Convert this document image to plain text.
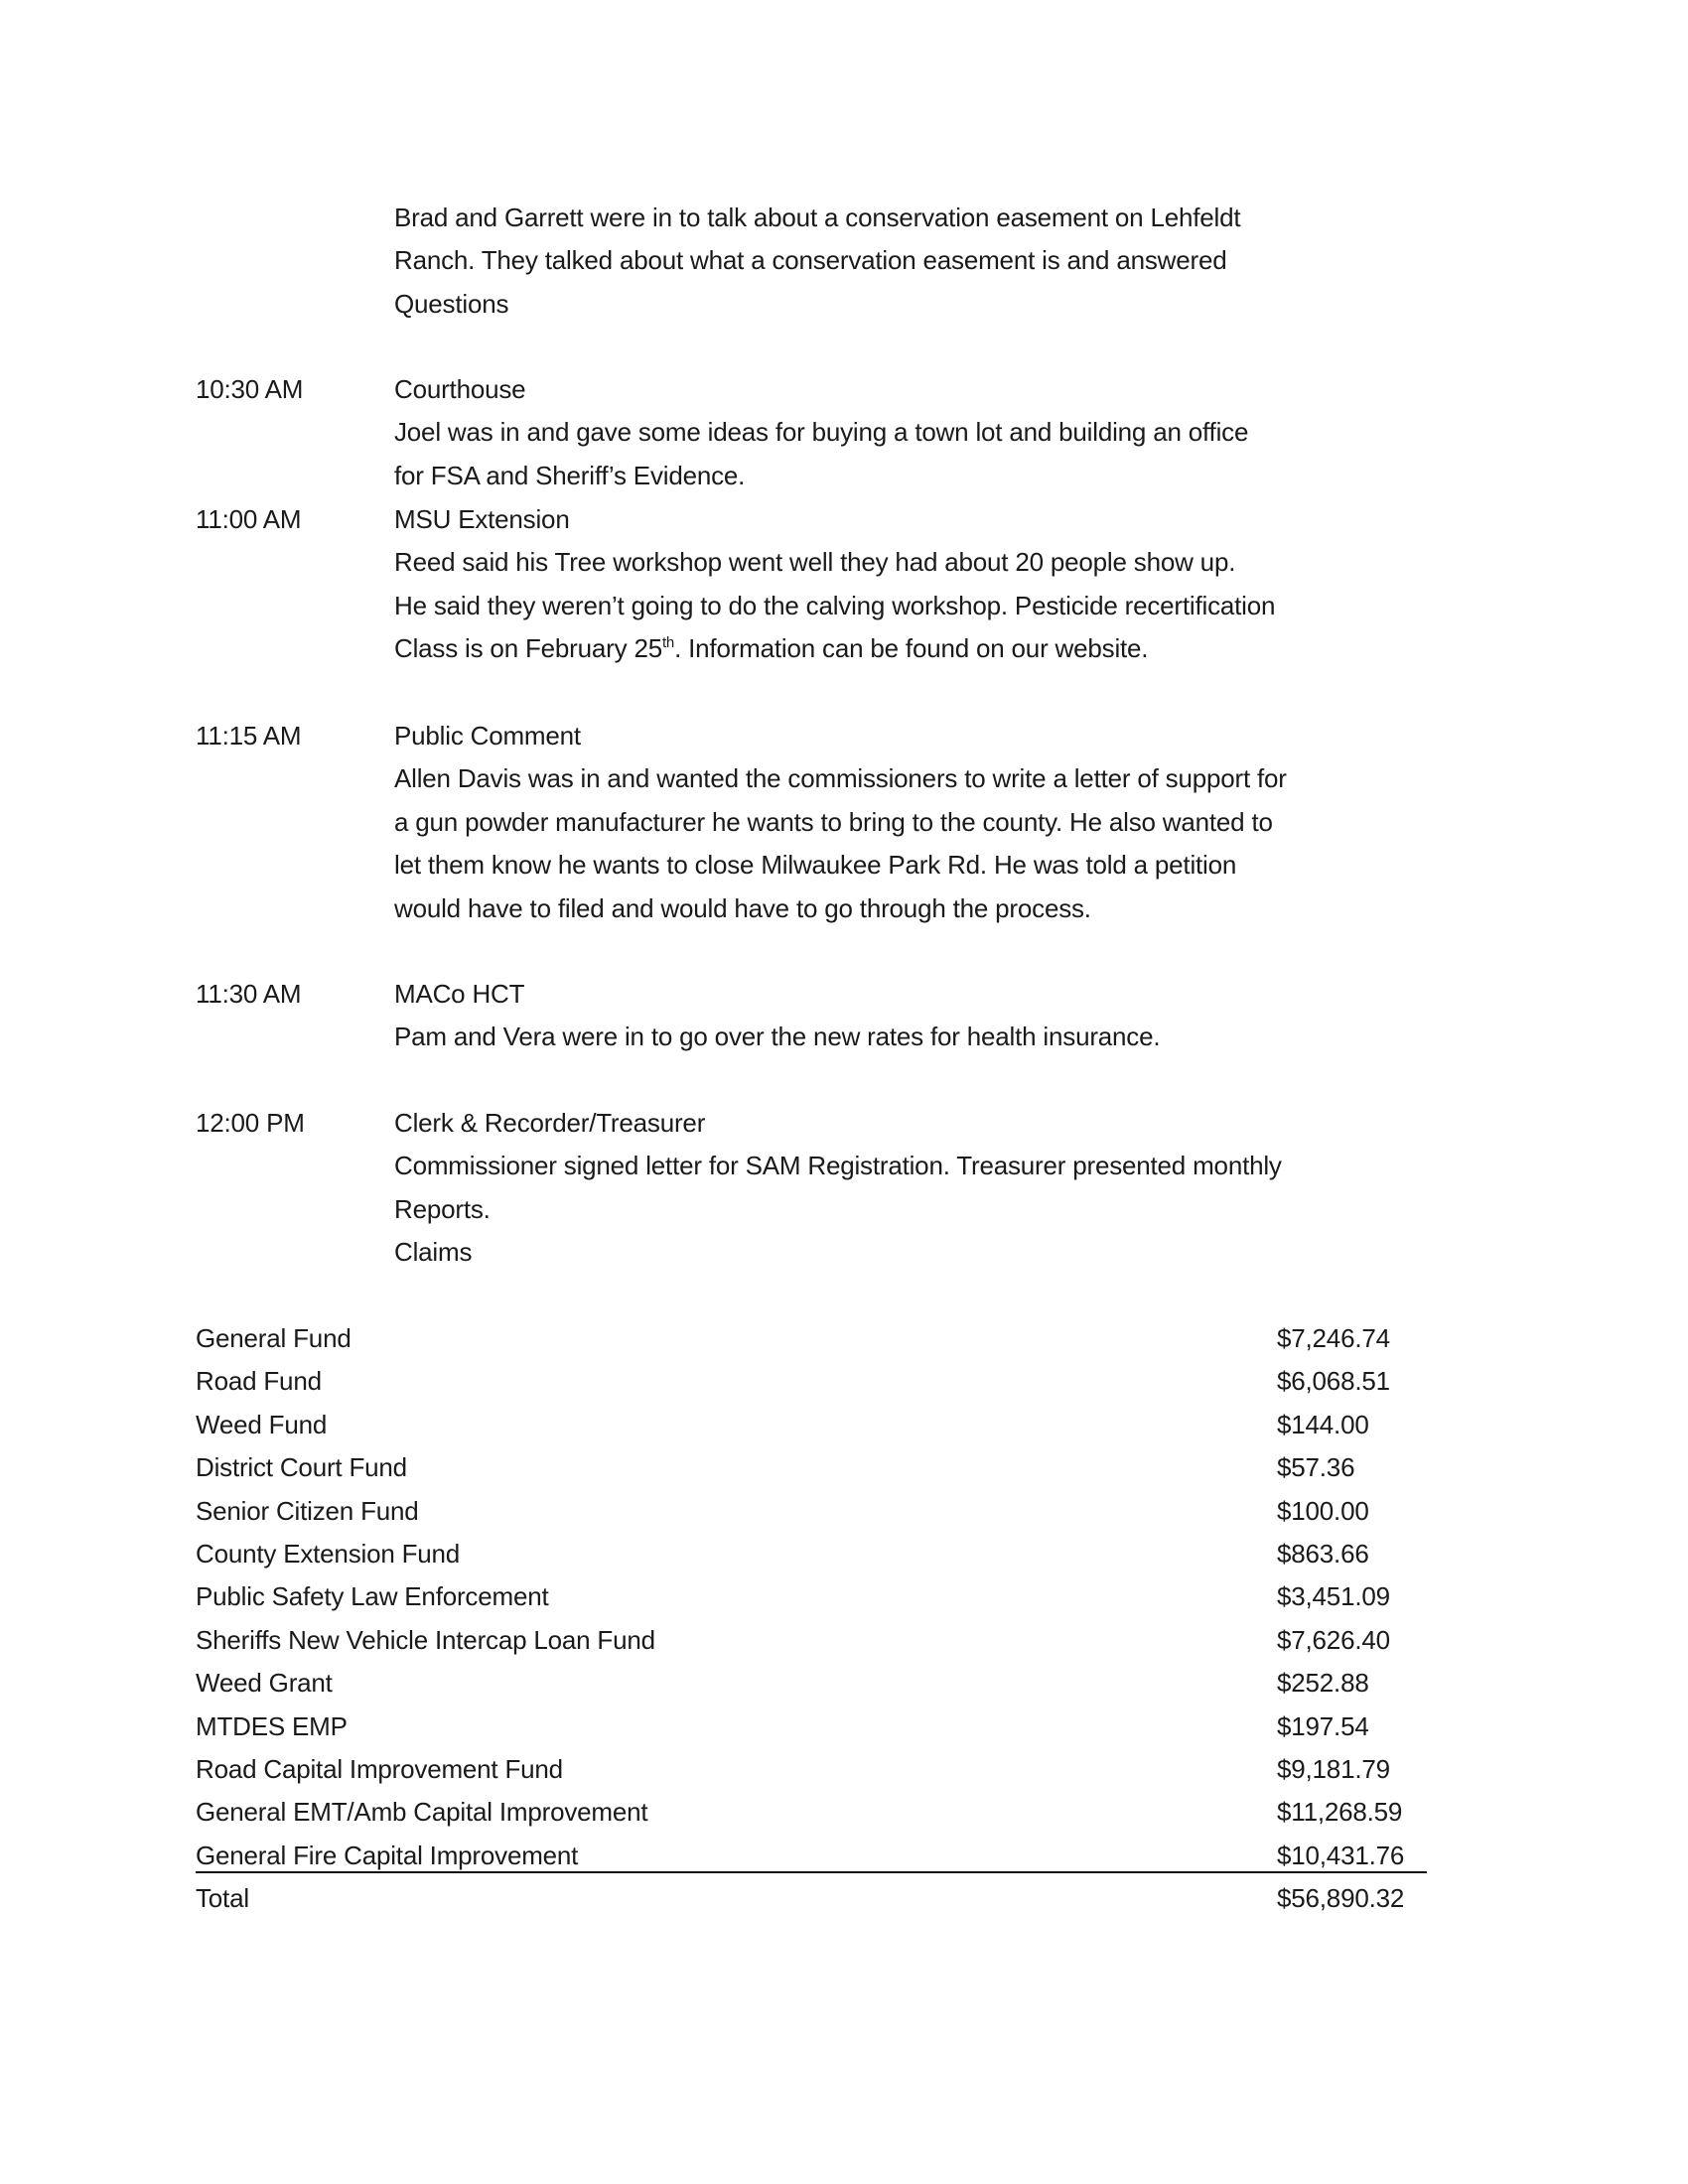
Brad and Garrett were in to talk about a conservation easement on Lehfeldt
Ranch. They talked about what a conservation easement is and answered
Questions
10:30 AM	Courthouse
Joel was in and gave some ideas for buying a town lot and building an office
for FSA and Sheriff’s Evidence.
11:00 AM	MSU Extension
Reed said his Tree workshop went well they had about 20 people show up.
He said they weren’t going to do the calving workshop. Pesticide recertification
Class is on February 25th. Information can be found on our website.
11:15 AM	Public Comment
Allen Davis was in and wanted the commissioners to write a letter of support for
a gun powder manufacturer he wants to bring to the county. He also wanted to
let them know he wants to close Milwaukee Park Rd. He was told a petition
would have to filed and would have to go through the process.
11:30 AM	MACo HCT
Pam and Vera were in to go over the new rates for health insurance.
12:00 PM	Clerk & Recorder/Treasurer
Commissioner signed letter for SAM Registration. Treasurer presented monthly
Reports.
Claims
General Fund	$7,246.74
Road Fund	$6,068.51
Weed Fund	$144.00
District Court Fund	$57.36
Senior Citizen Fund	$100.00
County Extension Fund	$863.66
Public Safety Law Enforcement	$3,451.09
Sheriffs New Vehicle Intercap Loan Fund	$7,626.40
Weed Grant	$252.88
MTDES EMP	$197.54
Road Capital Improvement Fund	$9,181.79
General EMT/Amb Capital Improvement	$11,268.59
General Fire Capital Improvement	$10,431.76
Total	$56,890.32
